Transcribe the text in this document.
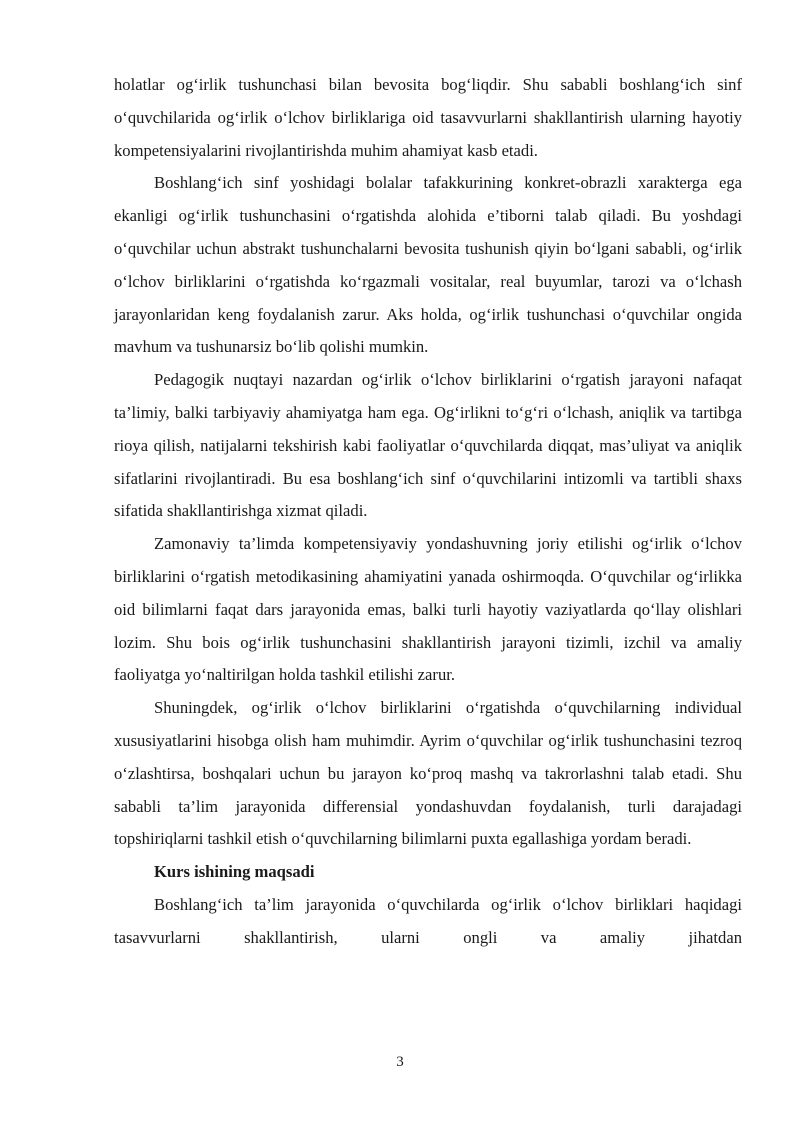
holatlar og‘irlik tushunchasi bilan bevosita bog‘liqdir. Shu sababli boshlang‘ich sinf o‘quvchilarida og‘irlik o‘lchov birliklariga oid tasavvurlarni shakllantirish ularning hayotiy kompetensiyalarini rivojlantirishda muhim ahamiyat kasb etadi.

Boshlang‘ich sinf yoshidagi bolalar tafakkurining konkret-obrazli xarakterga ega ekanligi og‘irlik tushunchasini o‘rgatishda alohida e’tiborni talab qiladi. Bu yoshdagi o‘quvchilar uchun abstrakt tushunchalarni bevosita tushunish qiyin bo‘lgani sababli, og‘irlik o‘lchov birliklarini o‘rgatishda ko‘rgazmali vositalar, real buyumlar, tarozi va o‘lchash jarayonlaridan keng foydalanish zarur. Aks holda, og‘irlik tushunchasi o‘quvchilar ongida mavhum va tushunarsiz bo‘lib qolishi mumkin.

Pedagogik nuqtayi nazardan og‘irlik o‘lchov birliklarini o‘rgatish jarayoni nafaqat ta’limiy, balki tarbiyaviy ahamiyatga ham ega. Og‘irlikni to‘g‘ri o‘lchash, aniqlik va tartibga rioya qilish, natijalarni tekshirish kabi faoliyatlar o‘quvchilarda diqqat, mas’uliyat va aniqlik sifatlarini rivojlantiradi. Bu esa boshlang‘ich sinf o‘quvchilarini intizomli va tartibli shaxs sifatida shakllantirishga xizmat qiladi.

Zamonaviy ta’limda kompetensiyaviy yondashuvning joriy etilishi og‘irlik o‘lchov birliklarini o‘rgatish metodikasining ahamiyatini yanada oshirmoqda. O‘quvchilar og‘irlikka oid bilimlarni faqat dars jarayonida emas, balki turli hayotiy vaziyatlarda qo‘llay olishlari lozim. Shu bois og‘irlik tushunchasini shakllantirish jarayoni tizimli, izchil va amaliy faoliyatga yo‘naltirilgan holda tashkil etilishi zarur.

Shuningdek, og‘irlik o‘lchov birliklarini o‘rgatishda o‘quvchilarning individual xususiyatlarini hisobga olish ham muhimdir. Ayrim o‘quvchilar og‘irlik tushunchasini tezroq o‘zlashtirsa, boshqalari uchun bu jarayon ko‘proq mashq va takrorlashni talab etadi. Shu sababli ta’lim jarayonida differensial yondashuvdan foydalanish, turli darajadagi topshiriqlarni tashkil etish o‘quvchilarning bilimlarni puxta egallashiga yordam beradi.

Kurs ishining maqsadi

Boshlang‘ich ta’lim jarayonida o‘quvchilarda og‘irlik o‘lchov birliklari haqidagi tasavvurlarni shakllantirish, ularni ongli va amaliy jihatdan

3
